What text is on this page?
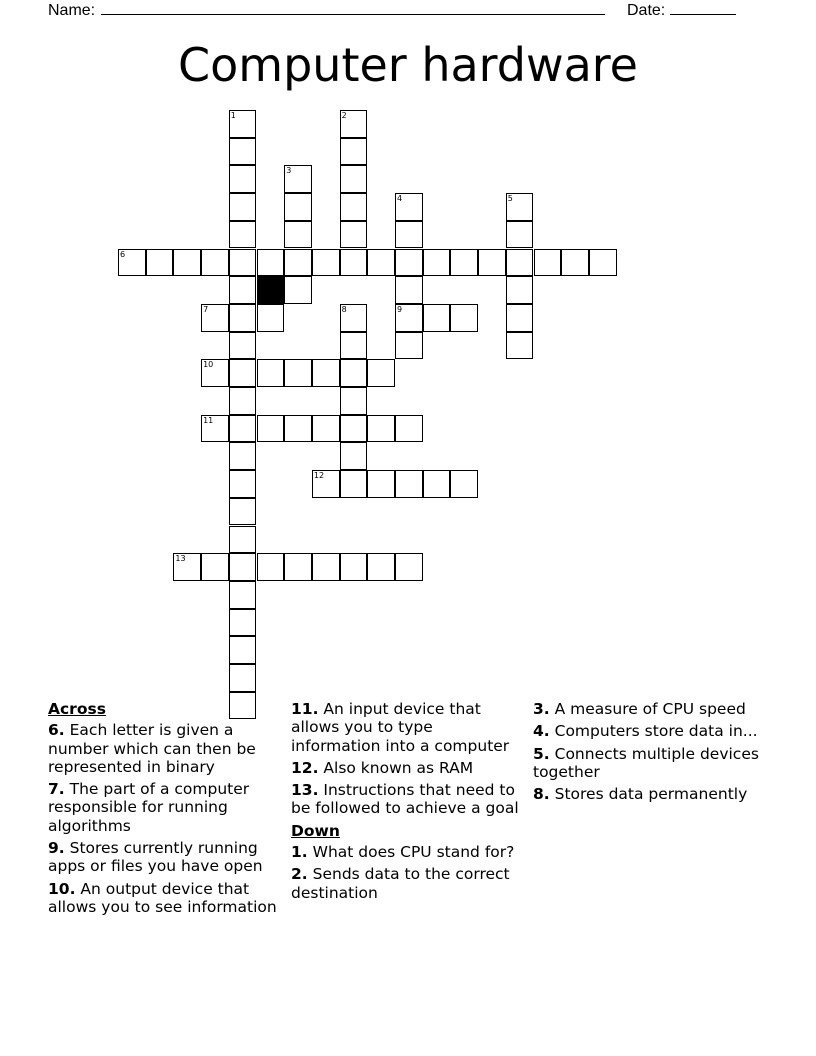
Name:	Date:
Computer hardware
1	2
3
4
9
5
8
6
7
10
11
12
13
Across
6. Each letter is given a number which can then be represented in binary
7. The part of a computer responsible for running algorithms
9. Stores currently running apps or files you have open
10. An output device that allows you to see information
11. An input device that allows you to type information into a computer
12. Also known as RAM
13. Instructions that need to be followed to achieve a goal
Down
1. What does CPU stand for?
2. Sends data to the correct destination
3. A measure of CPU speed
4. Computers store data in...
5. Connects multiple devices together
8. Stores data permanently
